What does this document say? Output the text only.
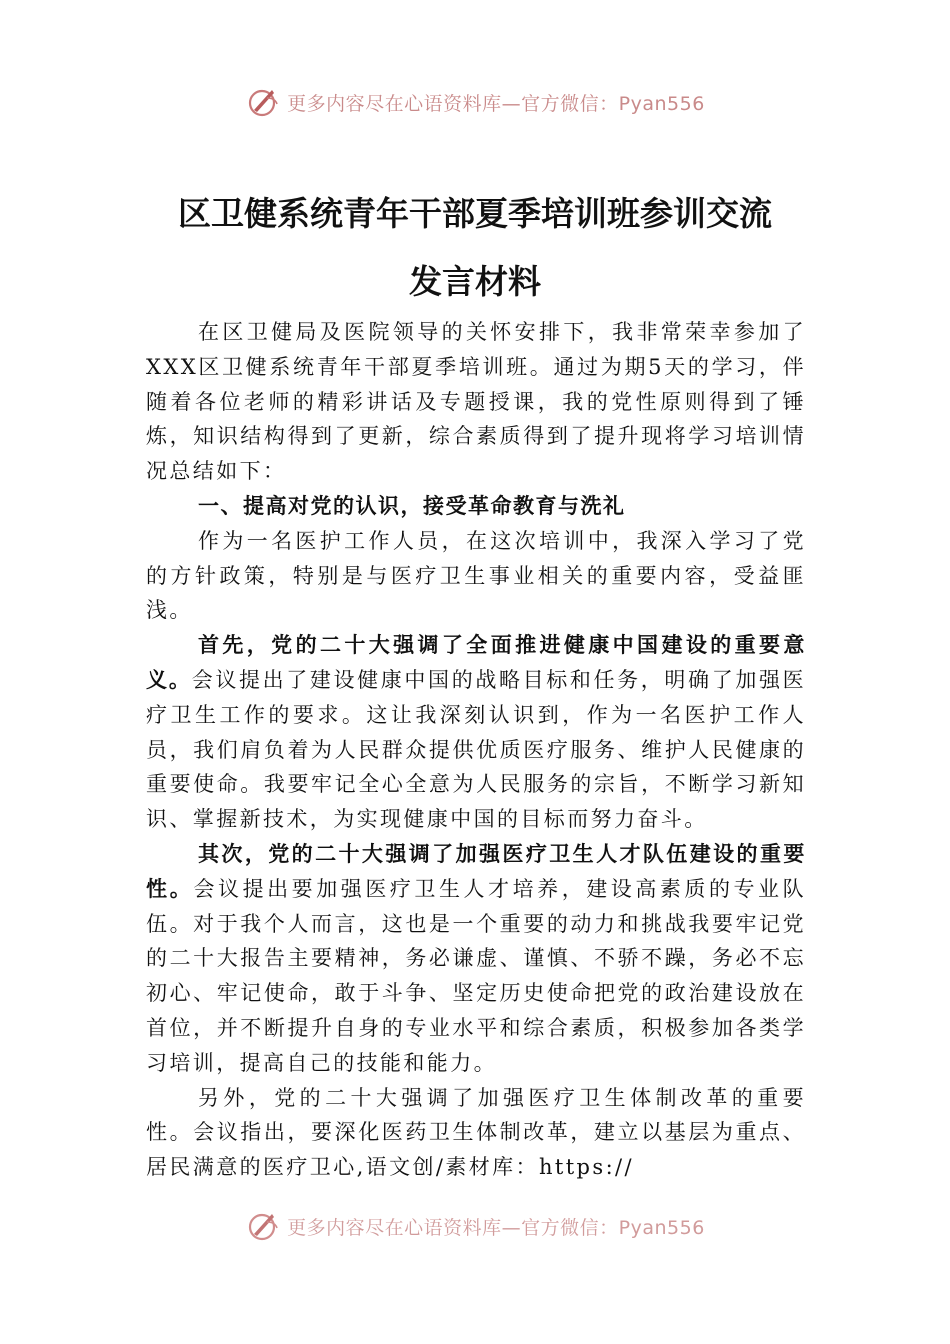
更多内容尽在心语资料库—官方微信：Pyan556
区卫健系统青年干部夏季培训班参训交流
发言材料

在区卫健局及医院领导的关怀安排下，我非常荣幸参加了XXX区卫健系统青年干部夏季培训班。通过为期5天的学习，伴随着各位老师的精彩讲话及专题授课，我的党性原则得到了锤炼，知识结构得到了更新，综合素质得到了提升现将学习培训情况总结如下：

一、提高对党的认识，接受革命教育与洗礼

作为一名医护工作人员，在这次培训中，我深入学习了党的方针政策，特别是与医疗卫生事业相关的重要内容，受益匪浅。

首先，党的二十大强调了全面推进健康中国建设的重要意义。会议提出了建设健康中国的战略目标和任务，明确了加强医疗卫生工作的要求。这让我深刻认识到，作为一名医护工作人员，我们肩负着为人民群众提供优质医疗服务、维护人民健康的重要使命。我要牢记全心全意为人民服务的宗旨，不断学习新知识、掌握新技术，为实现健康中国的目标而努力奋斗。

其次，党的二十大强调了加强医疗卫生人才队伍建设的重要性。会议提出要加强医疗卫生人才培养，建设高素质的专业队伍。对于我个人而言，这也是一个重要的动力和挑战我要牢记党的二十大报告主要精神，务必谦虚、谨慎、不骄不躁，务必不忘初心、牢记使命，敢于斗争、坚定历史使命把党的政治建设放在首位，并不断提升自身的专业水平和综合素质，积极参加各类学习培训，提高自己的技能和能力。

另外，党的二十大强调了加强医疗卫生体制改革的重要性。会议指出，要深化医药卫生体制改革，建立以基层为重点、居民满意的医疗卫心,语文创/素材库：https://

更多内容尽在心语资料库—官方微信：Pyan556
